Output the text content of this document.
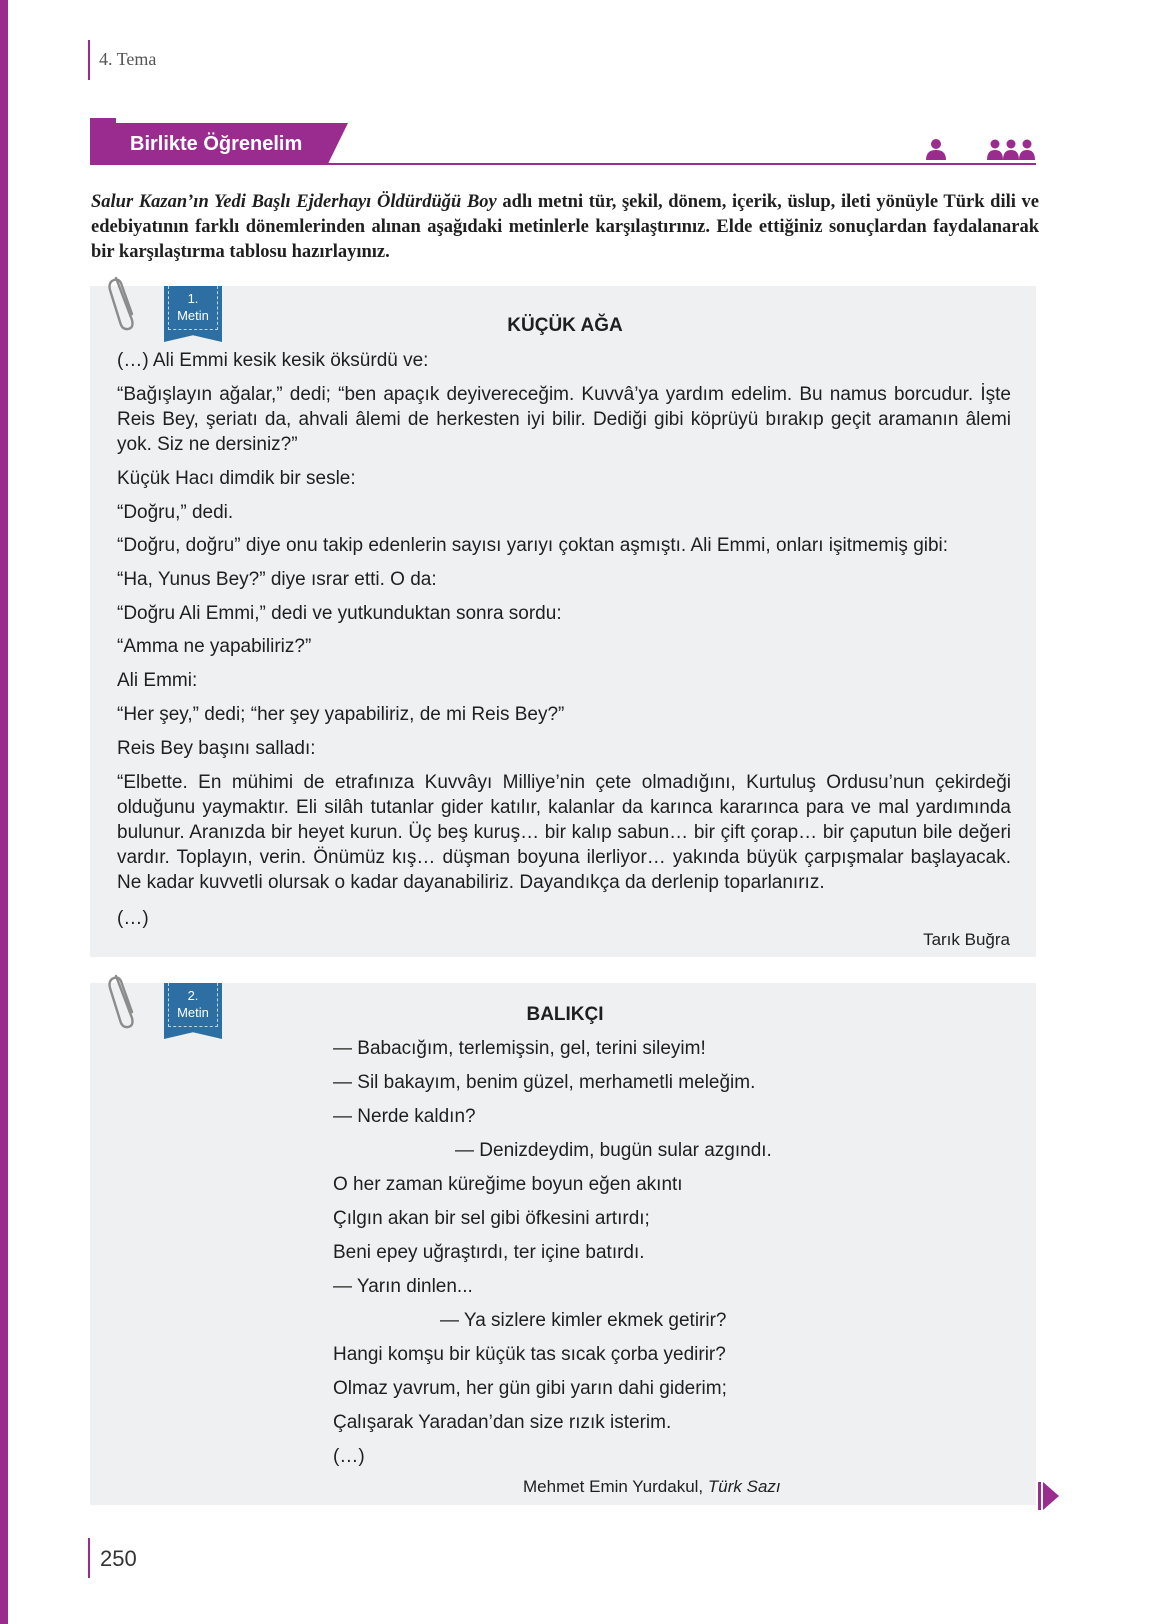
4. Tema
Birlikte Öğrenelim
Salur Kazan’ın Yedi Başlı Ejderhayı Öldürdüğü Boy adlı metni tür, şekil, dönem, içerik, üslup, ileti yönüyle Türk dili ve edebiyatının farklı dönemlerinden alınan aşağıdaki metinlerle karşılaştırınız. Elde ettiğiniz sonuçlardan faydalanarak bir karşılaştırma tablosu hazırlayınız.
1.
Metin	KÜÇÜK AĞA
(…) Ali Emmi kesik kesik öksürdü ve:
“Bağışlayın ağalar,” dedi; “ben apaçık deyivereceğim. Kuvvâ’ya yardım edelim. Bu namus borcudur. İşte Reis Bey, şeriatı da, ahvali âlemi de herkesten iyi bilir. Dediği gibi köprüyü bırakıp geçit aramanın âlemi yok. Siz ne dersiniz?”
Küçük Hacı dimdik bir sesle:
“Doğru,” dedi.
“Doğru, doğru” diye onu takip edenlerin sayısı yarıyı çoktan aşmıştı. Ali Emmi, onları işitmemiş gibi:
“Ha, Yunus Bey?” diye ısrar etti. O da:
“Doğru Ali Emmi,” dedi ve yutkunduktan sonra sordu:
“Amma ne yapabiliriz?”
Ali Emmi:
“Her şey,” dedi; “her şey yapabiliriz, de mi Reis Bey?”
Reis Bey başını salladı:
“Elbette. En mühimi de etrafınıza Kuvvâyı Milliye’nin çete olmadığını, Kurtuluş Ordusu’nun çekirdeği olduğunu yaymaktır. Eli silâh tutanlar gider katılır, kalanlar da karınca kararınca para ve mal yardımında bulunur. Aranızda bir heyet kurun. Üç beş kuruş… bir kalıp sabun… bir çift çorap… bir çaputun bile değeri vardır. Toplayın, verin. Önümüz kış… düşman boyuna ilerliyor… yakında büyük çarpışmalar başlayacak. Ne kadar kuvvetli olursak o kadar dayanabiliriz. Dayandıkça da derlenip toparlanırız.
(…)
Tarık Buğra
2.
Metin	BALIKÇI
— Babacığım, terlemişsin, gel, terini sileyim!
— Sil bakayım, benim güzel, merhametli meleğim.
— Nerde kaldın?
— Denizdeydim, bugün sular azgındı.
O her zaman küreğime boyun eğen akıntı
Çılgın akan bir sel gibi öfkesini artırdı;
Beni epey uğraştırdı, ter içine batırdı.
— Yarın dinlen...
— Ya sizlere kimler ekmek getirir?
Hangi komşu bir küçük tas sıcak çorba yedirir?
Olmaz yavrum, her gün gibi yarın dahi giderim;
Çalışarak Yaradan’dan size rızık isterim.
(…)
Mehmet Emin Yurdakul, Türk Sazı
250
